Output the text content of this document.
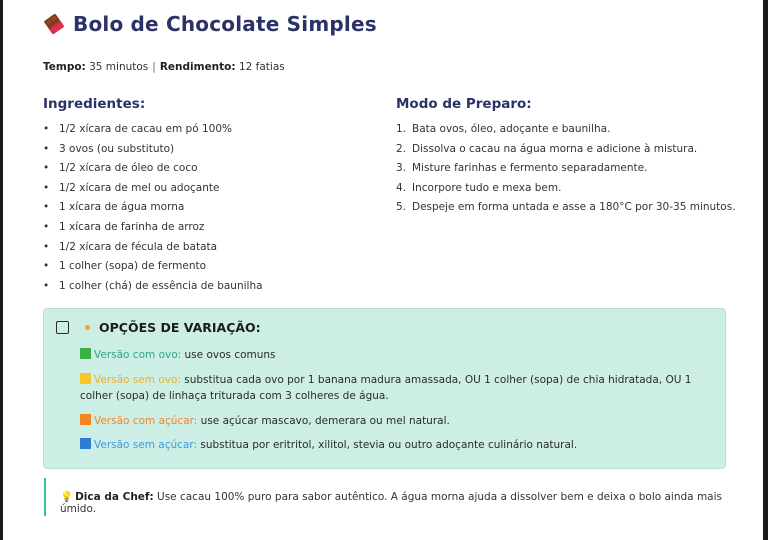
Bolo de Chocolate Simples
Tempo: 35 minutos | Rendimento: 12 fatias
Ingredientes:	Modo de Preparo:
• 1/2 xícara de cacau em pó 100%
• 3 ovos (ou substituto)
• 1/2 xícara de óleo de coco
• 1/2 xícara de mel ou adoçante
• 1 xícara de água morna
• 1 xícara de farinha de arroz
• 1/2 xícara de fécula de batata
• 1 colher (sopa) de fermento
• 1 colher (chá) de essência de baunilha
1. Bata ovos, óleo, adoçante e baunilha.
2. Dissolva o cacau na água morna e adicione à mistura.
3. Misture farinhas e fermento separadamente.
4. Incorpore tudo e mexa bem.
5. Despeje em forma untada e asse a 180°C por 30-35 minutos.
OPÇÕES DE VARIAÇÃO:
Versão com ovo: use ovos comuns
Versão sem ovo: substitua cada ovo por 1 banana madura amassada, OU 1 colher (sopa) de chia hidratada, OU 1 colher (sopa) de linhaça triturada com 3 colheres de água.
Versão com açúcar: use açúcar mascavo, demerara ou mel natural.
Versão sem açúcar: substitua por eritritol, xilitol, stevia ou outro adoçante culinário natural.
💡 Dica da Chef: Use cacau 100% puro para sabor autêntico. A água morna ajuda a dissolver bem e deixa o bolo ainda mais úmido.
